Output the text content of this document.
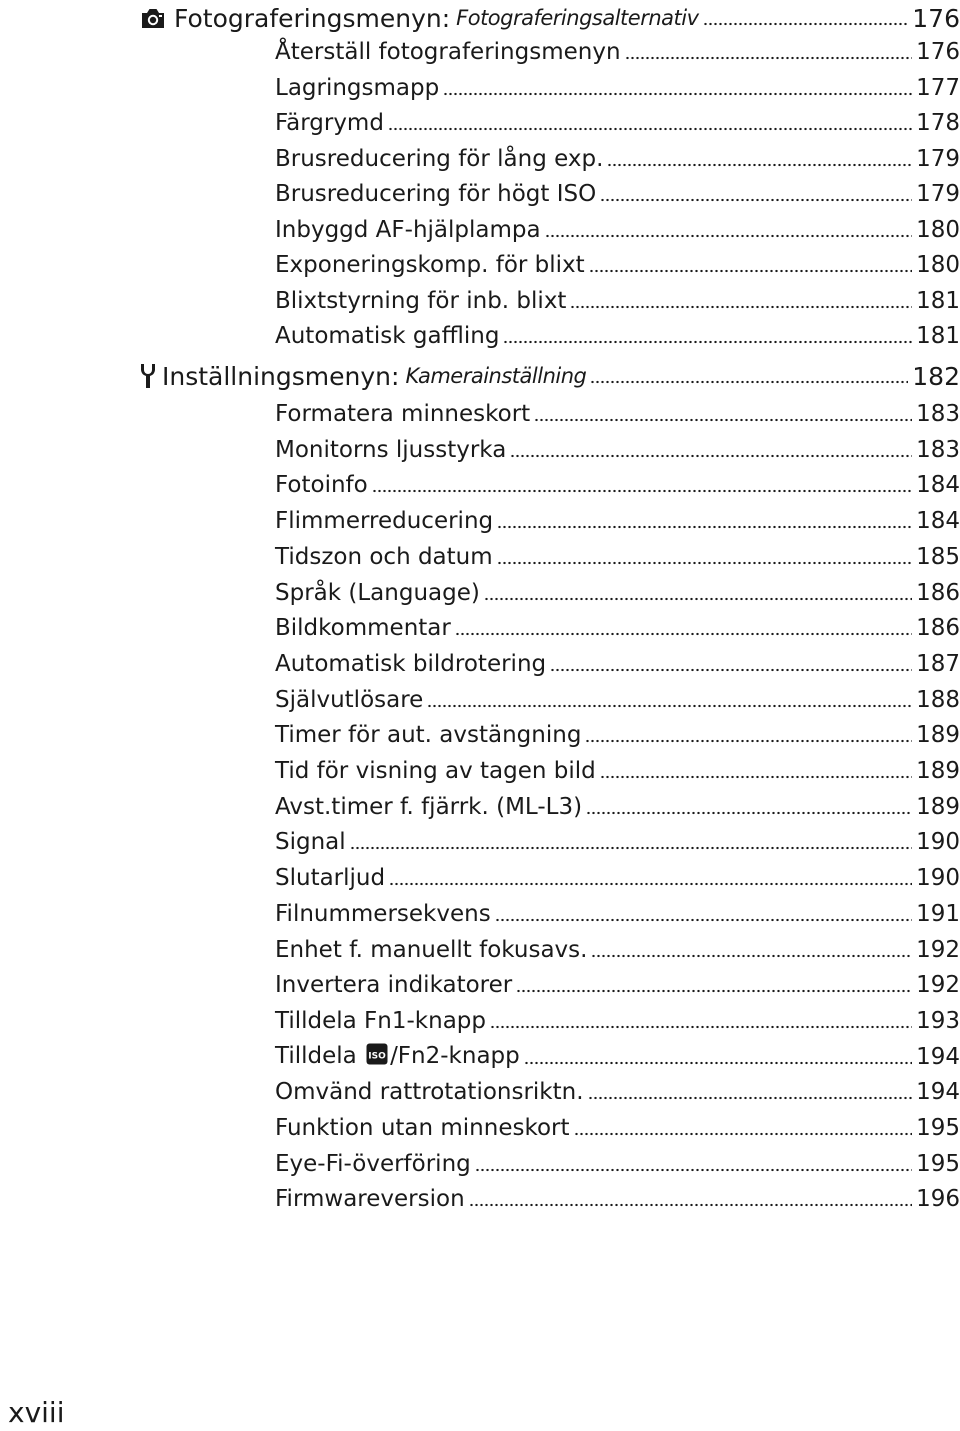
Fotograferingsmenyn: Fotograferingsalternativ	176
Återställ fotograferingsmenyn	176
Lagringsmapp	177
Färgrymd	178
Brusreducering för lång exp.	179
Brusreducering för högt ISO	179
Inbyggd AF-hjälplampa	180
Exponeringskomp. för blixt	180
Blixtstyrning för inb. blixt	181
Automatisk gaffling	181
Inställningsmenyn: Kamerainställning	182
Formatera minneskort	183
Monitorns ljusstyrka	183
Fotoinfo	184
Flimmerreducering	184
Tidszon och datum	185
Språk (Language)	186
Bildkommentar	186
Automatisk bildrotering	187
Självutlösare	188
Timer för aut. avstängning	189
Tid för visning av tagen bild	189
Avst.timer f. fjärrk. (ML-L3)	189
Signal	190
Slutarljud	190
Filnummersekvens	191
Enhet f. manuellt fokusavs.	192
Invertera indikatorer	192
Tilldela Fn1-knapp	193
Tilldela ISO /Fn2-knapp	194
Omvänd rattrotationsriktn.	194
Funktion utan minneskort	195
Eye-Fi-överföring	195
Firmwareversion	196
xviii
